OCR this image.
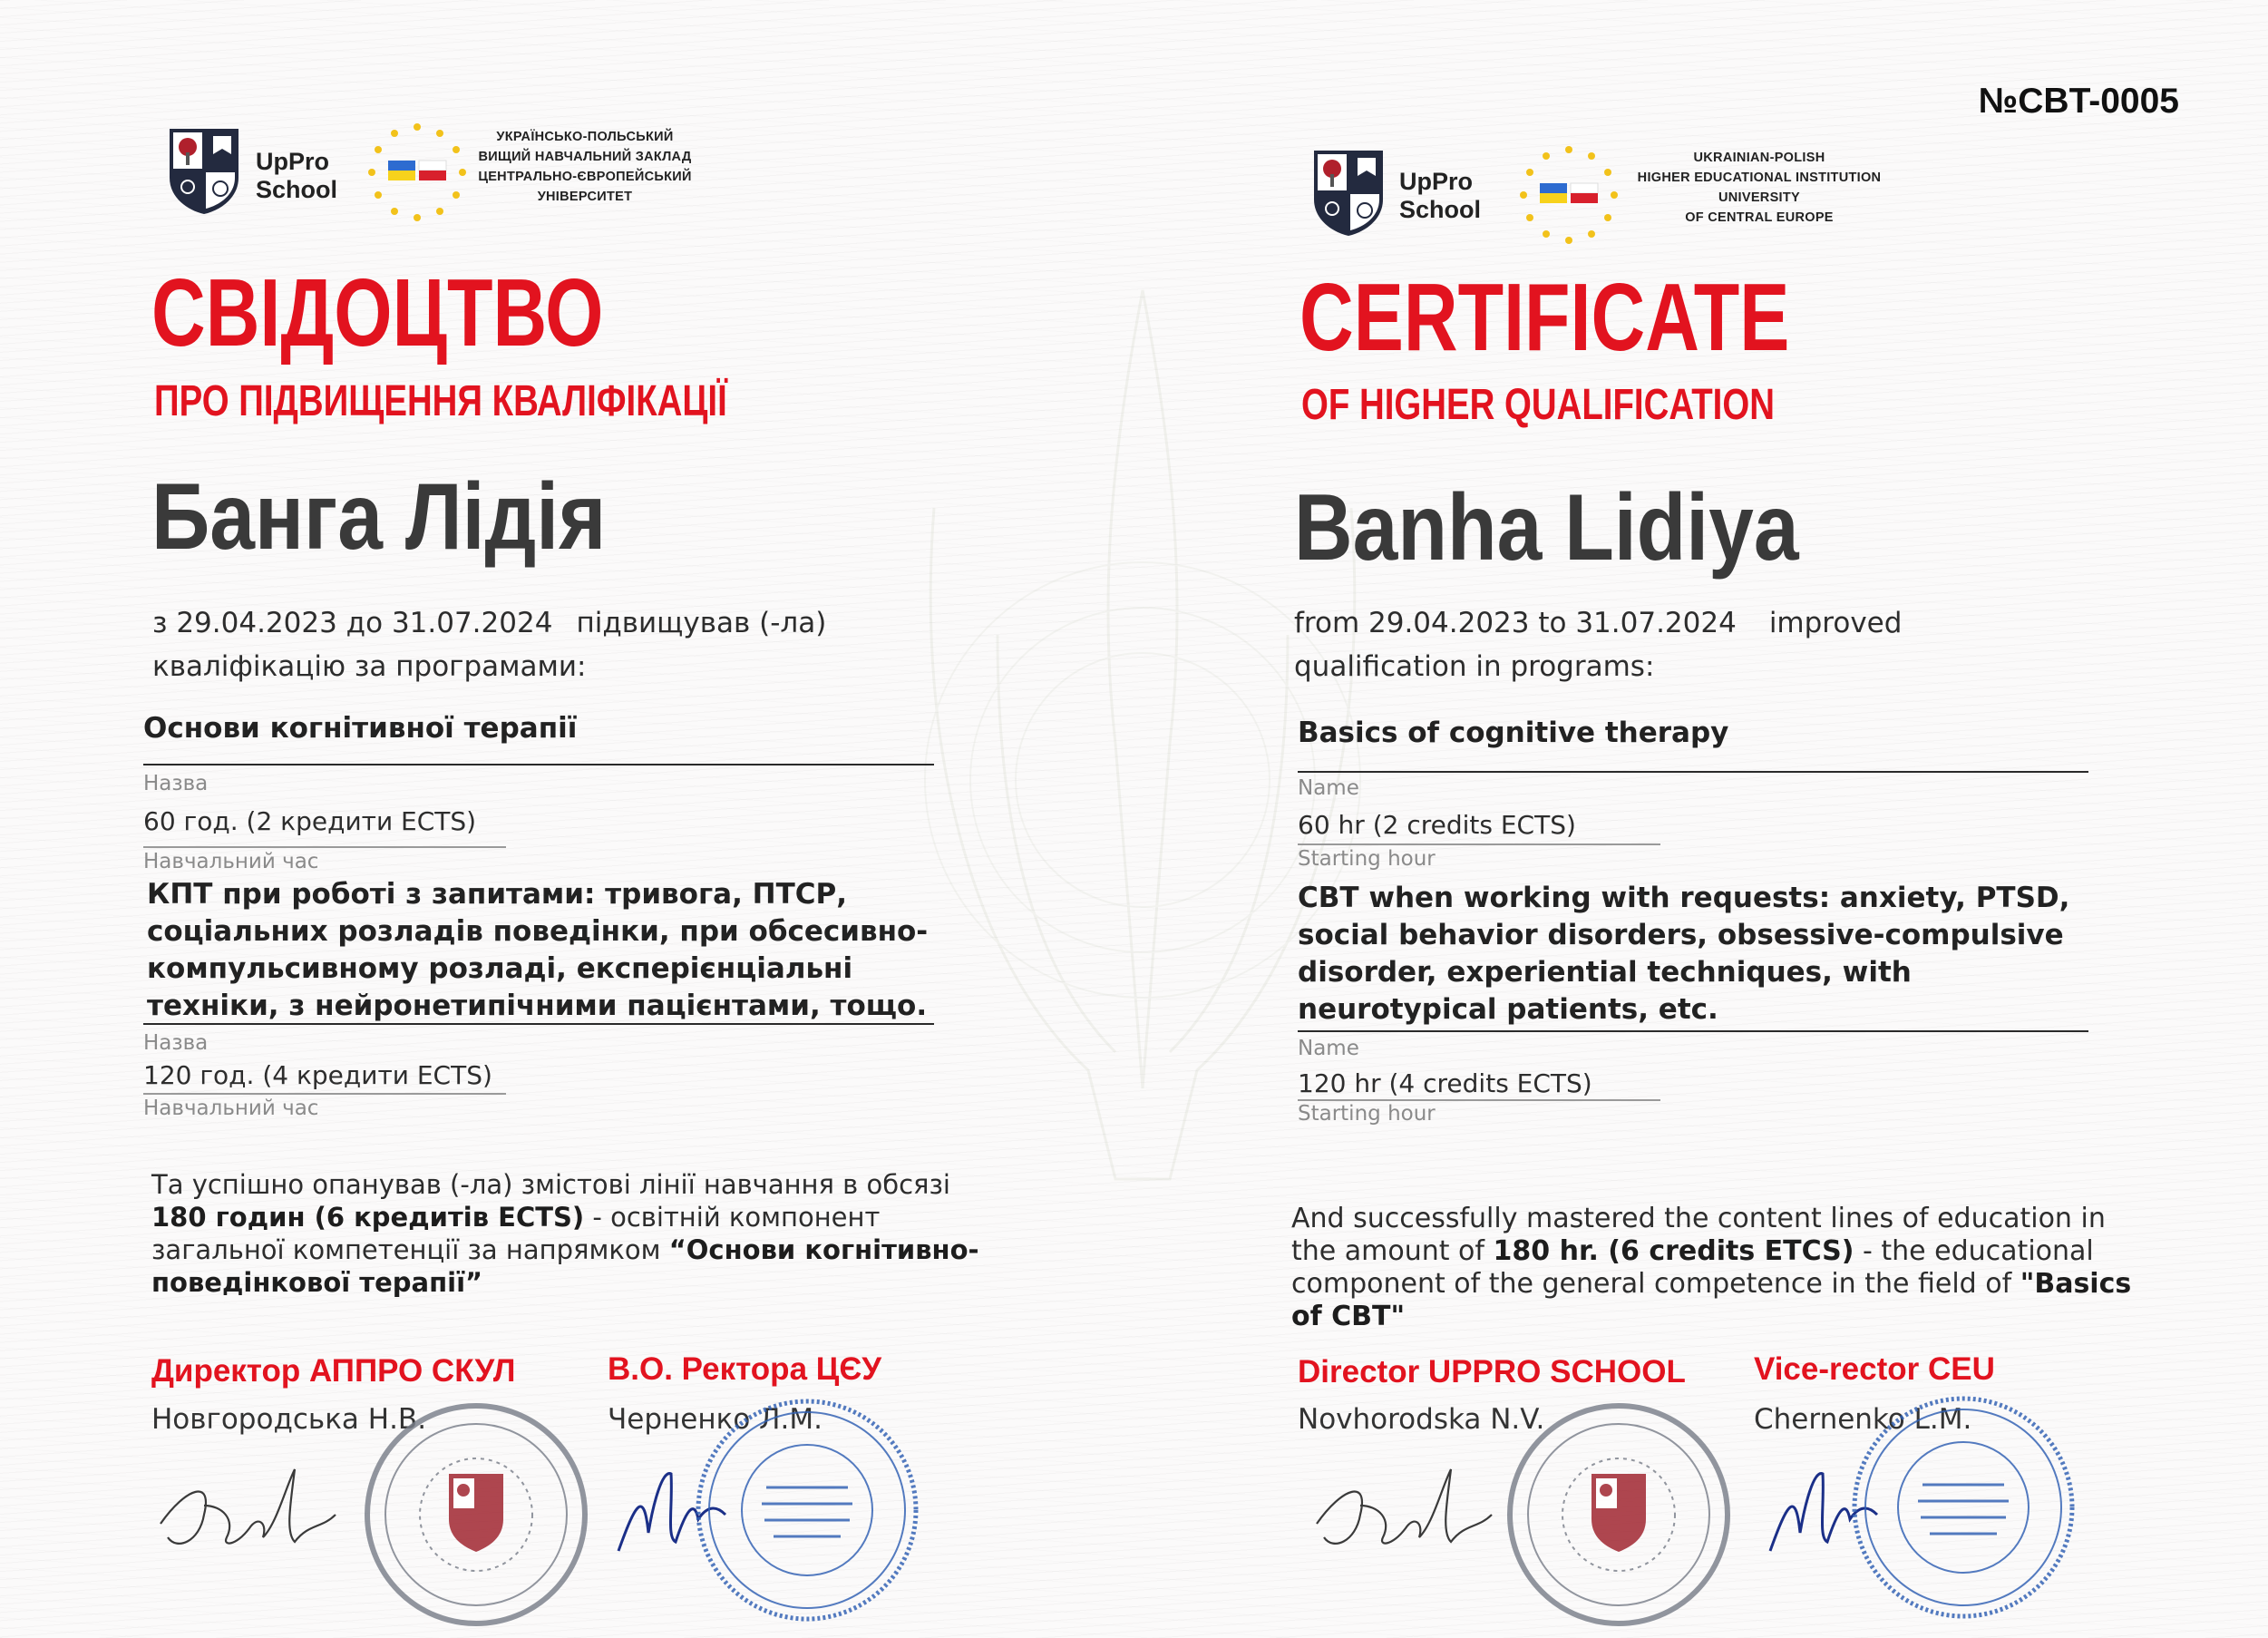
№CBT-0005
UpPro
School
УКРАЇНСЬКО-ПОЛЬСЬКИЙ
ВИЩИЙ НАВЧАЛЬНИЙ ЗАКЛАД
ЦЕНТРАЛЬНО-ЄВРОПЕЙСЬКИЙ
УНІВЕРСИТЕТ
СВІДОЦТВО
ПРО ПІДВИЩЕННЯ КВАЛІФІКАЦІЇ
Банга Лідія
з 29.04.2023 до 31.07.2024 підвищував (-ла)
кваліфікацію за програмами:
Основи когнітивної терапії
Назва
60 год. (2 кредити ECTS)
Навчальний час
КПТ при роботі з запитами: тривога, ПТСР,
соціальних розладів поведінки, при обсесивно-
компульсивному розладі, експерієнціальні
техніки, з нейронетипічними пацієнтами, тощо.
Назва
120 год. (4 кредити ECTS)
Навчальний час
Та успішно опанував (-ла) змістові лінії навчання в обсязі
180 годин (6 кредитів ECTS) - освітній компонент
загальної компетенції за напрямком “Основи когнітивно-
поведінкової терапії”
Директор АППРО СКУЛ
Новгородська Н.В.
В.О. Ректора ЦЄУ
Черненко Л.М.
UpPro
School
UKRAINIAN-POLISH
HIGHER EDUCATIONAL INSTITUTION
UNIVERSITY
OF CENTRAL EUROPE
CERTIFICATE
OF HIGHER QUALIFICATION
Banha Lidiya
from 29.04.2023 to 31.07.2024 improved
qualification in programs:
Basics of cognitive therapy
Name
60 hr (2 credits ECTS)
Starting hour
CBT when working with requests: anxiety, PTSD,
social behavior disorders, obsessive-compulsive
disorder, experiential techniques, with
neurotypical patients, etc.
Name
120 hr (4 credits ECTS)
Starting hour
And successfully mastered the content lines of education in
the amount of 180 hr. (6 credits ETCS) - the educational
component of the general competence in the field of "Basics
of CBT"
Director UPPRO SCHOOL
Novhorodska N.V.
Vice-rector CEU
Chernenko L.M.
